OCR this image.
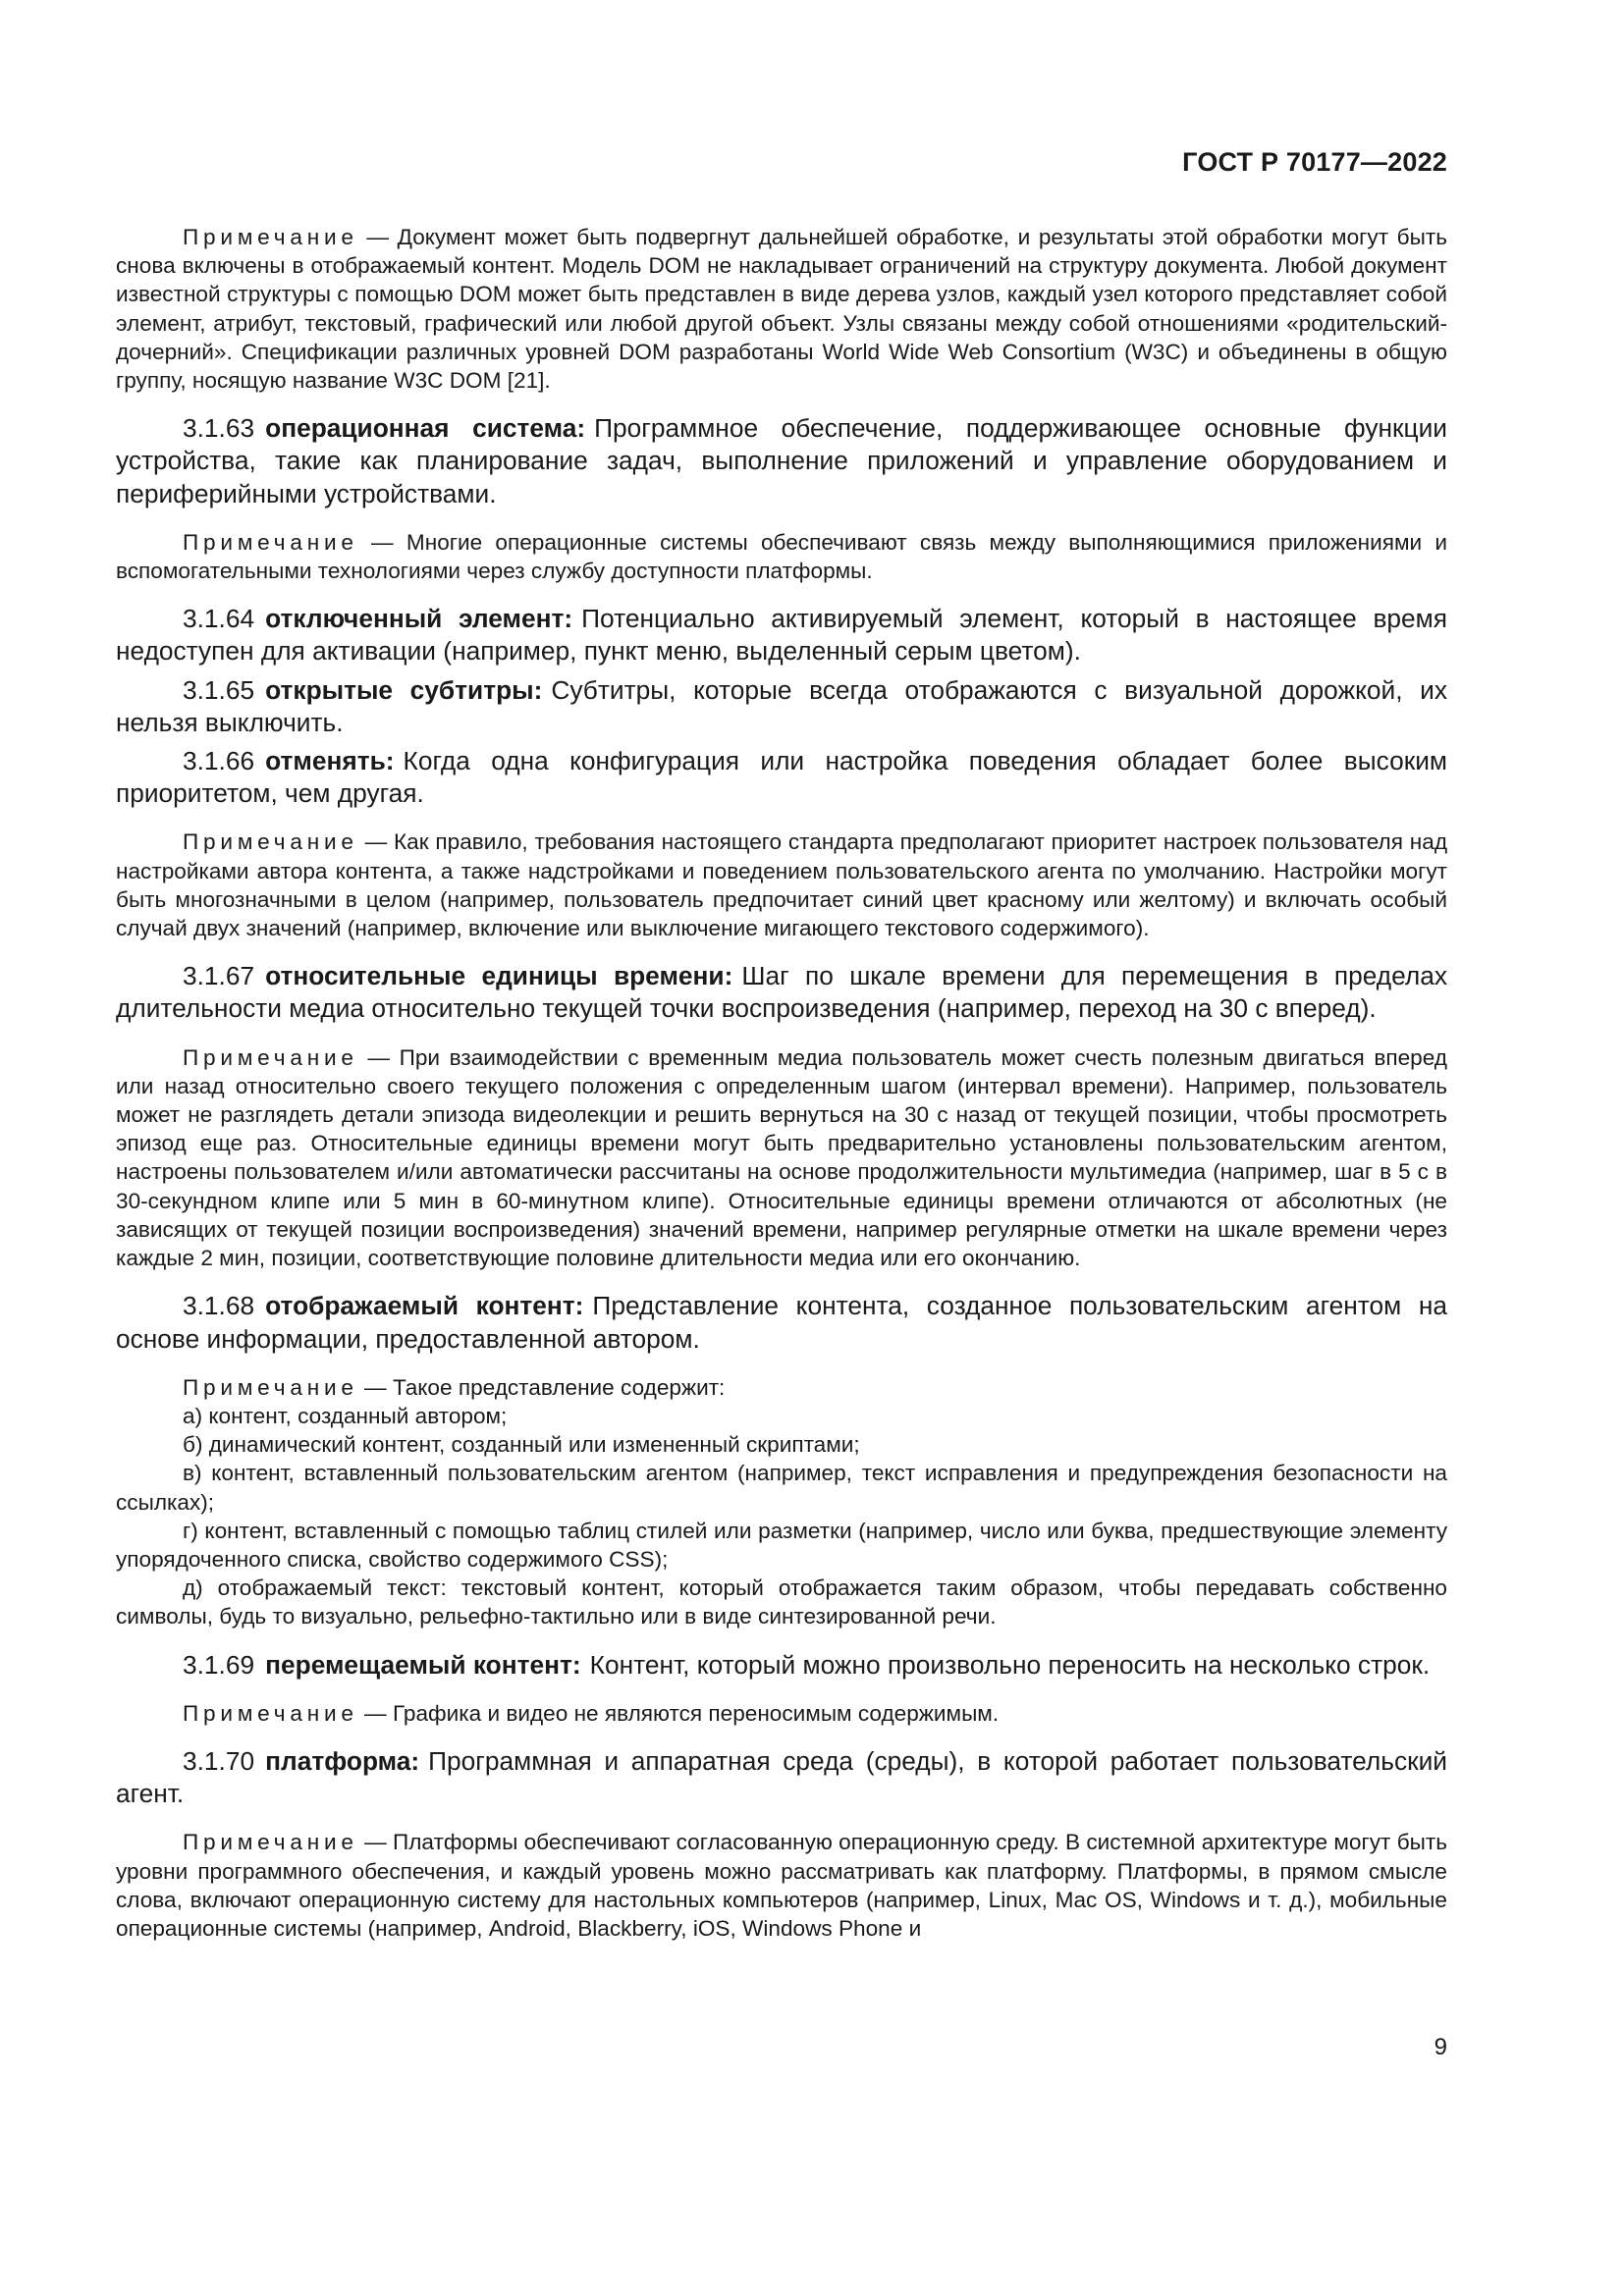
ГОСТ Р 70177—2022

Примечание — Документ может быть подвергнут дальнейшей обработке, и результаты этой обработки могут быть снова включены в отображаемый контент. Модель DOM не накладывает ограничений на структуру документа. Любой документ известной структуры с помощью DOM может быть представлен в виде дерева узлов, каждый узел которого представляет собой элемент, атрибут, текстовый, графический или любой другой объект. Узлы связаны между собой отношениями «родительский-дочерний». Спецификации различных уровней DOM разработаны World Wide Web Consortium (W3C) и объединены в общую группу, носящую название W3C DOM [21].

3.1.63 операционная система: Программное обеспечение, поддерживающее основные функции устройства, такие как планирование задач, выполнение приложений и управление оборудованием и периферийными устройствами.

Примечание — Многие операционные системы обеспечивают связь между выполняющимися приложениями и вспомогательными технологиями через службу доступности платформы.

3.1.64 отключенный элемент: Потенциально активируемый элемент, который в настоящее время недоступен для активации (например, пункт меню, выделенный серым цветом).

3.1.65 открытые субтитры: Субтитры, которые всегда отображаются с визуальной дорожкой, их нельзя выключить.

3.1.66 отменять: Когда одна конфигурация или настройка поведения обладает более высоким приоритетом, чем другая.

Примечание — Как правило, требования настоящего стандарта предполагают приоритет настроек пользователя над настройками автора контента, а также надстройками и поведением пользовательского агента по умолчанию. Настройки могут быть многозначными в целом (например, пользователь предпочитает синий цвет красному или желтому) и включать особый случай двух значений (например, включение или выключение мигающего текстового содержимого).

3.1.67 относительные единицы времени: Шаг по шкале времени для перемещения в пределах длительности медиа относительно текущей точки воспроизведения (например, переход на 30 с вперед).

Примечание — При взаимодействии с временным медиа пользователь может счесть полезным двигаться вперед или назад относительно своего текущего положения с определенным шагом (интервал времени). Например, пользователь может не разглядеть детали эпизода видеолекции и решить вернуться на 30 с назад от текущей позиции, чтобы просмотреть эпизод еще раз. Относительные единицы времени могут быть предварительно установлены пользовательским агентом, настроены пользователем и/или автоматически рассчитаны на основе продолжительности мультимедиа (например, шаг в 5 с в 30-секундном клипе или 5 мин в 60-минутном клипе). Относительные единицы времени отличаются от абсолютных (не зависящих от текущей позиции воспроизведения) значений времени, например регулярные отметки на шкале времени через каждые 2 мин, позиции, соответствующие половине длительности медиа или его окончанию.

3.1.68 отображаемый контент: Представление контента, созданное пользовательским агентом на основе информации, предоставленной автором.

Примечание — Такое представление содержит:

а) контент, созданный автором;

б) динамический контент, созданный или измененный скриптами;

в) контент, вставленный пользовательским агентом (например, текст исправления и предупреждения безопасности на ссылках);

г) контент, вставленный с помощью таблиц стилей или разметки (например, число или буква, предшествующие элементу упорядоченного списка, свойство содержимого CSS);

д) отображаемый текст: текстовый контент, который отображается таким образом, чтобы передавать собственно символы, будь то визуально, рельефно-тактильно или в виде синтезированной речи.

3.1.69 перемещаемый контент: Контент, который можно произвольно переносить на несколько строк.

Примечание — Графика и видео не являются переносимым содержимым.

3.1.70 платформа: Программная и аппаратная среда (среды), в которой работает пользовательский агент.

Примечание — Платформы обеспечивают согласованную операционную среду. В системной архитектуре могут быть уровни программного обеспечения, и каждый уровень можно рассматривать как платформу. Платформы, в прямом смысле слова, включают операционную систему для настольных компьютеров (например, Linux, Mac OS, Windows и т. д.), мобильные операционные системы (например, Android, Blackberry, iOS, Windows Phone и

9
